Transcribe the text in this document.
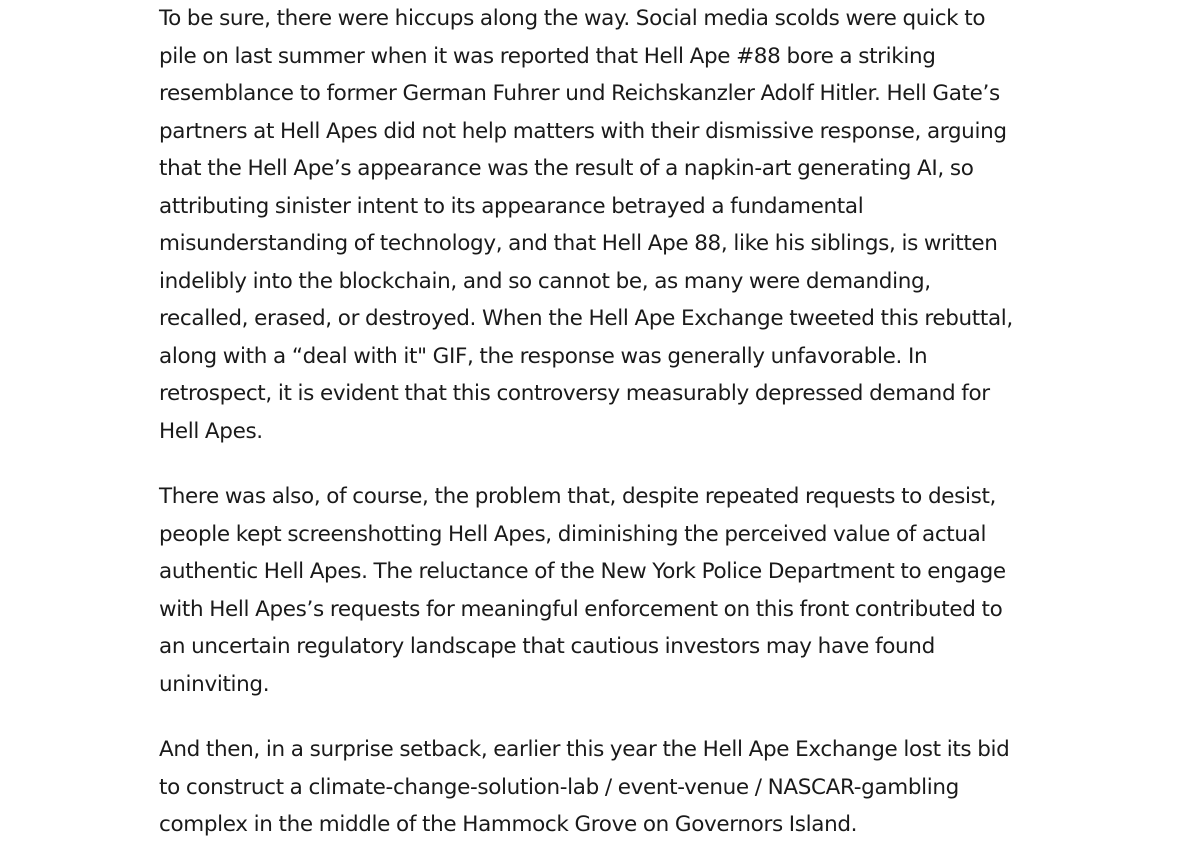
To be sure, there were hiccups along the way. Social media scolds were quick to
pile on last summer when it was reported that Hell Ape #88 bore a striking
resemblance to former German Fuhrer und Reichskanzler Adolf Hitler. Hell Gate’s
partners at Hell Apes did not help matters with their dismissive response, arguing
that the Hell Ape’s appearance was the result of a napkin-art generating AI, so
attributing sinister intent to its appearance betrayed a fundamental
misunderstanding of technology, and that Hell Ape 88, like his siblings, is written
indelibly into the blockchain, and so cannot be, as many were demanding,
recalled, erased, or destroyed. When the Hell Ape Exchange tweeted this rebuttal,
along with a “deal with it" GIF, the response was generally unfavorable. In
retrospect, it is evident that this controversy measurably depressed demand for
Hell Apes.

There was also, of course, the problem that, despite repeated requests to desist,
people kept screenshotting Hell Apes, diminishing the perceived value of actual
authentic Hell Apes. The reluctance of the New York Police Department to engage
with Hell Apes’s requests for meaningful enforcement on this front contributed to
an uncertain regulatory landscape that cautious investors may have found
uninviting.

And then, in a surprise setback, earlier this year the Hell Ape Exchange lost its bid
to construct a climate-change-solution-lab / event-venue / NASCAR-gambling
complex in the middle of the Hammock Grove on Governors Island.
